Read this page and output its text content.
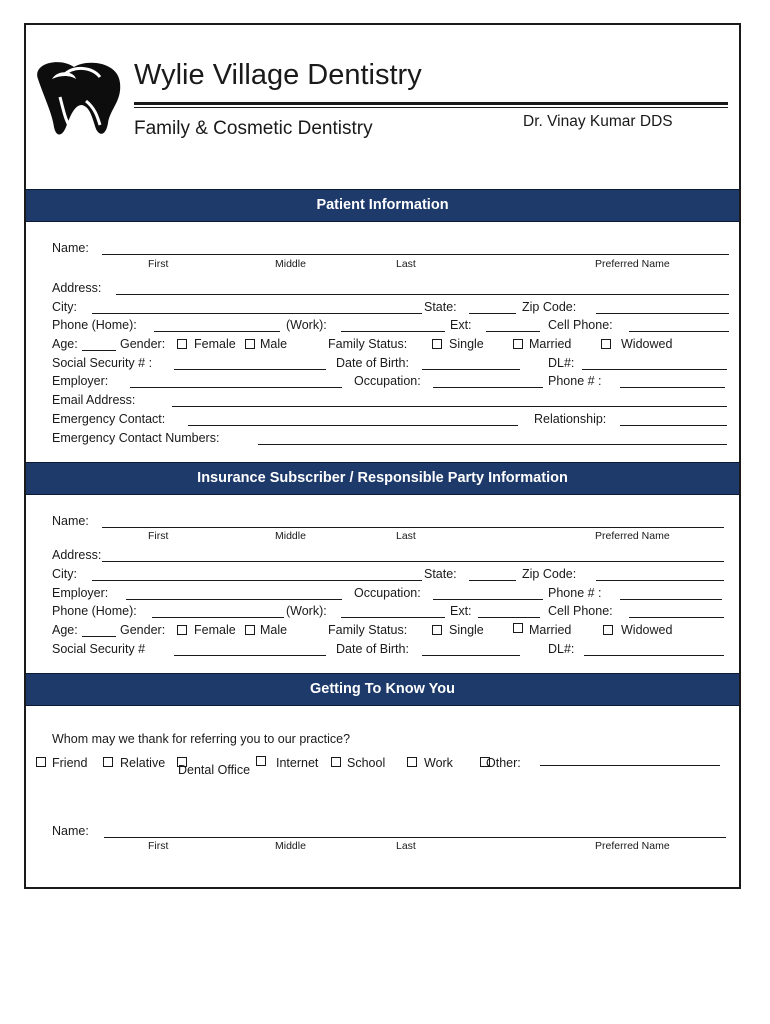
Wylie Village Dentistry
Family & Cosmetic Dentistry	Dr. Vinay Kumar DDS
Patient Information
Name:
First	Middle	Last	Preferred Name
Address:
City:	State:	Zip Code:
Phone (Home):	(Work):	Ext:	Cell Phone:
Age:	Gender: Female Male	Family Status:	Single	Married	Widowed
Social Security # :	Date of Birth:	DL#:
Employer:	Occupation:	Phone # :
Email Address:
Emergency Contact:	Relationship:
Emergency Contact Numbers:
Insurance Subscriber / Responsible Party Information
Name:
First	Middle	Last	Preferred Name
Address:
City:	State:	Zip Code:
Employer:	Occupation:	Phone # :
Phone (Home):	(Work):	Ext:	Cell Phone:
Age:	Gender: Female Male	Family Status:	Single	Married	Widowed
Social Security #	Date of Birth:	DL#:
Getting To Know You
Whom may we thank for referring you to our practice?
Friend	Relative Dental Office Internet School	Work	Other:
Name:
First	Middle	Last	Preferred Name
